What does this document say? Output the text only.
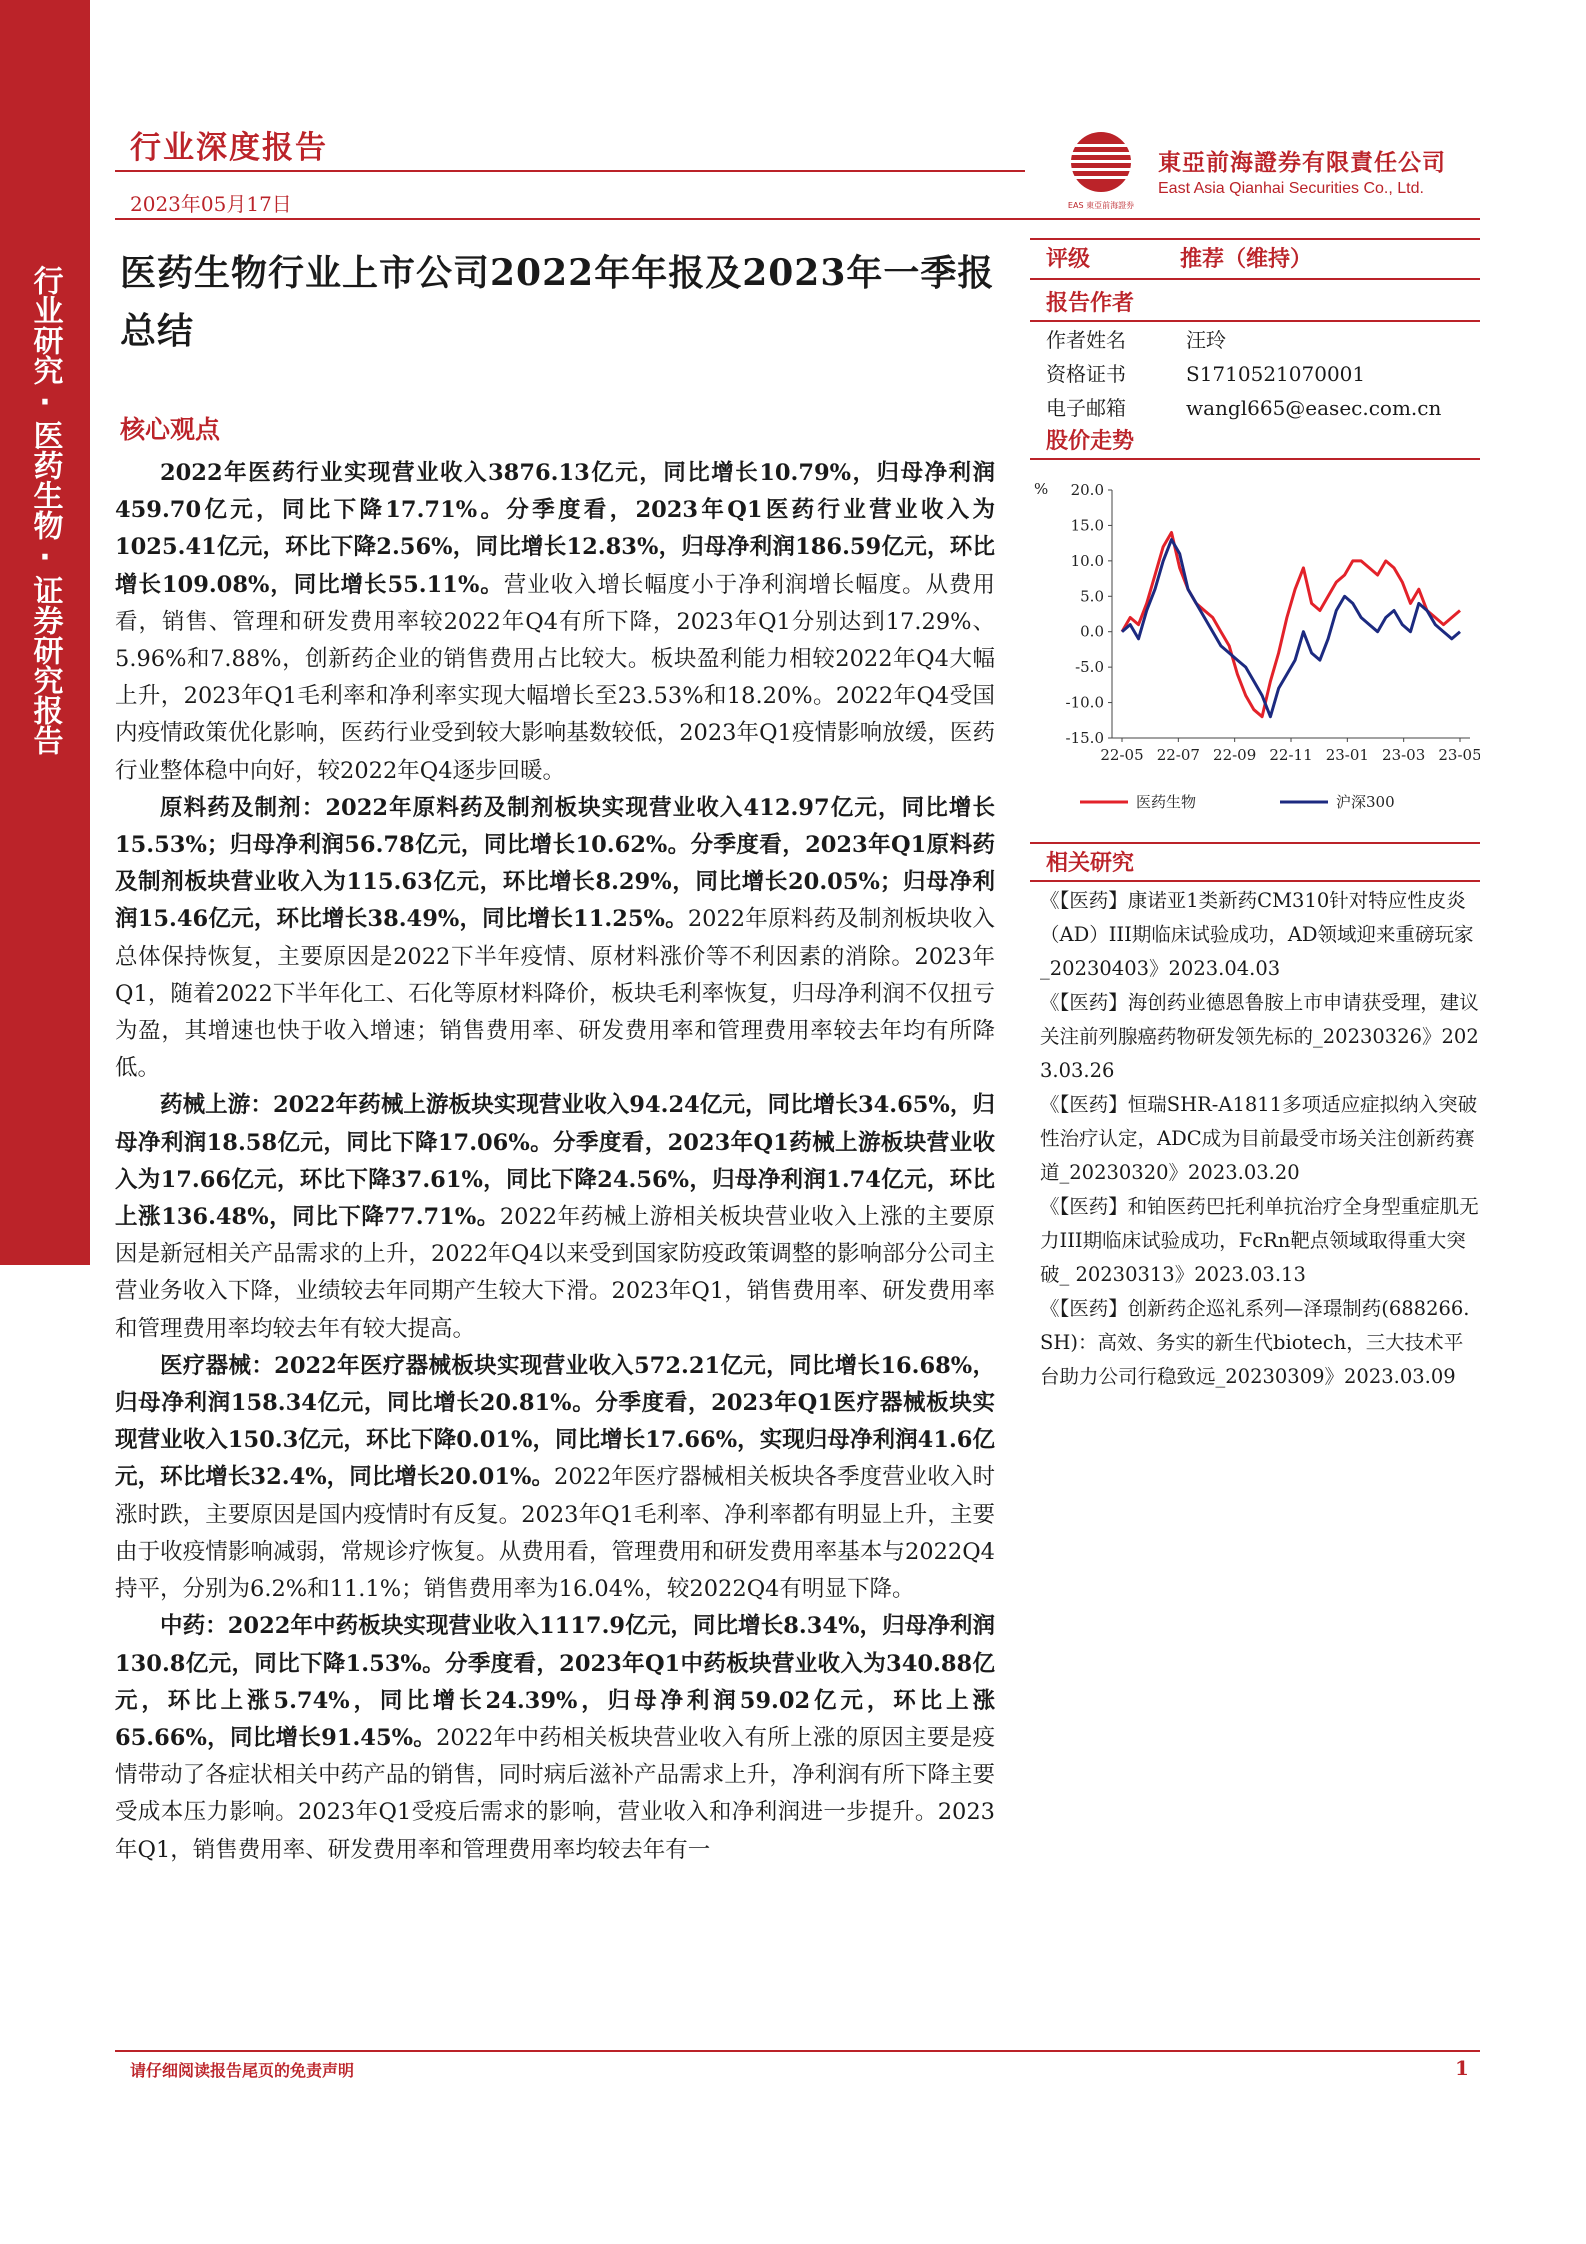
行业研究·医药生物·证券研究报告
行业深度报告
2023年05月17日	EAS 東亞前海證券
東亞前海證券有限責任公司
East Asia Qianhai Securities Co., Ltd.
医药生物行业上市公司2022年年报及2023年一季报总结
核心观点

2022年医药行业实现营业收入3876.13亿元，同比增长10.79%，归母净利润459.70亿元，同比下降17.71%。分季度看，2023年Q1医药行业营业收入为1025.41亿元，环比下降2.56%，同比增长12.83%，归母净利润186.59亿元，环比增长109.08%，同比增长55.11%。营业收入增长幅度小于净利润增长幅度。从费用看，销售、管理和研发费用率较2022年Q4有所下降，2023年Q1分别达到17.29%、5.96%和7.88%，创新药企业的销售费用占比较大。板块盈利能力相较2022年Q4大幅上升，2023年Q1毛利率和净利率实现大幅增长至23.53%和18.20%。2022年Q4受国内疫情政策优化影响，医药行业受到较大影响基数较低，2023年Q1疫情影响放缓，医药行业整体稳中向好，较2022年Q4逐步回暖。

原料药及制剂：2022年原料药及制剂板块实现营业收入412.97亿元，同比增长15.53%；归母净利润56.78亿元，同比增长10.62%。分季度看，2023年Q1原料药及制剂板块营业收入为115.63亿元，环比增长8.29%，同比增长20.05%；归母净利润15.46亿元，环比增长38.49%，同比增长11.25%。2022年原料药及制剂板块收入总体保持恢复，主要原因是2022下半年疫情、原材料涨价等不利因素的消除。2023年Q1，随着2022下半年化工、石化等原材料降价，板块毛利率恢复，归母净利润不仅扭亏为盈，其增速也快于收入增速；销售费用率、研发费用率和管理费用率较去年均有所降低。

药械上游：2022年药械上游板块实现营业收入94.24亿元，同比增长34.65%，归母净利润18.58亿元，同比下降17.06%。分季度看，2023年Q1药械上游板块营业收入为17.66亿元，环比下降37.61%，同比下降24.56%，归母净利润1.74亿元，环比上涨136.48%，同比下降77.71%。2022年药械上游相关板块营业收入上涨的主要原因是新冠相关产品需求的上升，2022年Q4以来受到国家防疫政策调整的影响部分公司主营业务收入下降，业绩较去年同期产生较大下滑。2023年Q1，销售费用率、研发费用率和管理费用率均较去年有较大提高。

医疗器械：2022年医疗器械板块实现营业收入572.21亿元，同比增长16.68%，归母净利润158.34亿元，同比增长20.81%。分季度看，2023年Q1医疗器械板块实现营业收入150.3亿元，环比下降0.01%，同比增长17.66%，实现归母净利润41.6亿元，环比增长32.4%，同比增长20.01%。2022年医疗器械相关板块各季度营业收入时涨时跌，主要原因是国内疫情时有反复。2023年Q1毛利率、净利率都有明显上升，主要由于收疫情影响减弱，常规诊疗恢复。从费用看，管理费用和研发费用率基本与2022Q4持平，分别为6.2%和11.1%；销售费用率为16.04%，较2022Q4有明显下降。

中药：2022年中药板块实现营业收入1117.9亿元，同比增长8.34%，归母净利润130.8亿元，同比下降1.53%。分季度看，2023年Q1中药板块营业收入为340.88亿元，环比上涨5.74%，同比增长24.39%，归母净利润59.02亿元，环比上涨65.66%，同比增长91.45%。2022年中药相关板块营业收入有所上涨的原因主要是疫情带动了各症状相关中药产品的销售，同时病后滋补产品需求上升，净利润有所下降主要受成本压力影响。2023年Q1受疫后需求的影响，营业收入和净利润进一步提升。2023年Q1，销售费用率、研发费用率和管理费用率均较去年有一

评级	推荐（维持）
报告作者
作者姓名	汪玲
资格证书	S1710521070001
电子邮箱	wangl665@easec.com.cn
股价走势
% 20.0
15.0
10.0
5.0
0.0
-5.0
-10.0
-15.0
22-05 22-07 22-09 22-11 23-01 23-03 23-05
医药生物	沪深300
相关研究

《【医药】康诺亚1类新药CM310针对特应性皮炎（AD）III期临床试验成功，AD领域迎来重磅玩家_20230403》2023.04.03

《【医药】海创药业德恩鲁胺上市申请获受理，建议关注前列腺癌药物研发领先标的_20230326》2023.03.26

《【医药】恒瑞SHR-A1811多项适应症拟纳入突破性治疗认定，ADC成为目前最受市场关注创新药赛道_20230320》2023.03.20

《【医药】和铂医药巴托利单抗治疗全身型重症肌无力III期临床试验成功，FcRn靶点领域取得重大突破_ 20230313》2023.03.13

《【医药】创新药企巡礼系列—泽璟制药(688266.SH)：高效、务实的新生代biotech，三大技术平台助力公司行稳致远_20230309》2023.03.09

请仔细阅读报告尾页的免责声明	1
